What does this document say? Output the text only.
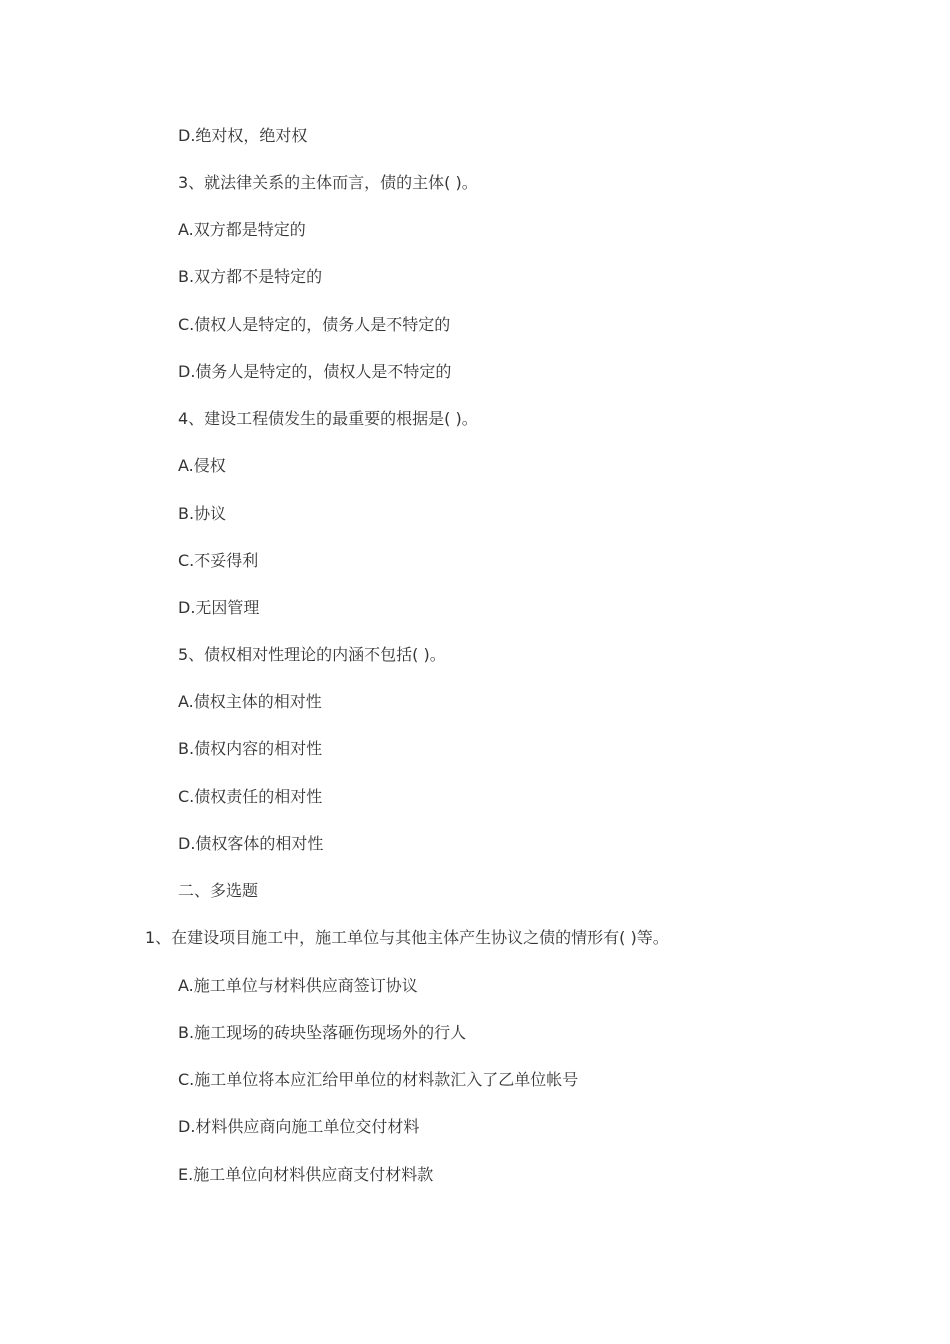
D.绝对权，绝对权
3、就法律关系的主体而言，债的主体( )。
A.双方都是特定的
B.双方都不是特定的
C.债权人是特定的，债务人是不特定的
D.债务人是特定的，债权人是不特定的
4、建设工程债发生的最重要的根据是( )。
A.侵权
B.协议
C.不妥得利
D.无因管理
5、债权相对性理论的内涵不包括( )。
A.债权主体的相对性
B.债权内容的相对性
C.债权责任的相对性
D.债权客体的相对性
二、多选题
1、在建设项目施工中，施工单位与其他主体产生协议之债的情形有( )等。
A.施工单位与材料供应商签订协议
B.施工现场的砖块坠落砸伤现场外的行人
C.施工单位将本应汇给甲单位的材料款汇入了乙单位帐号
D.材料供应商向施工单位交付材料
E.施工单位向材料供应商支付材料款
